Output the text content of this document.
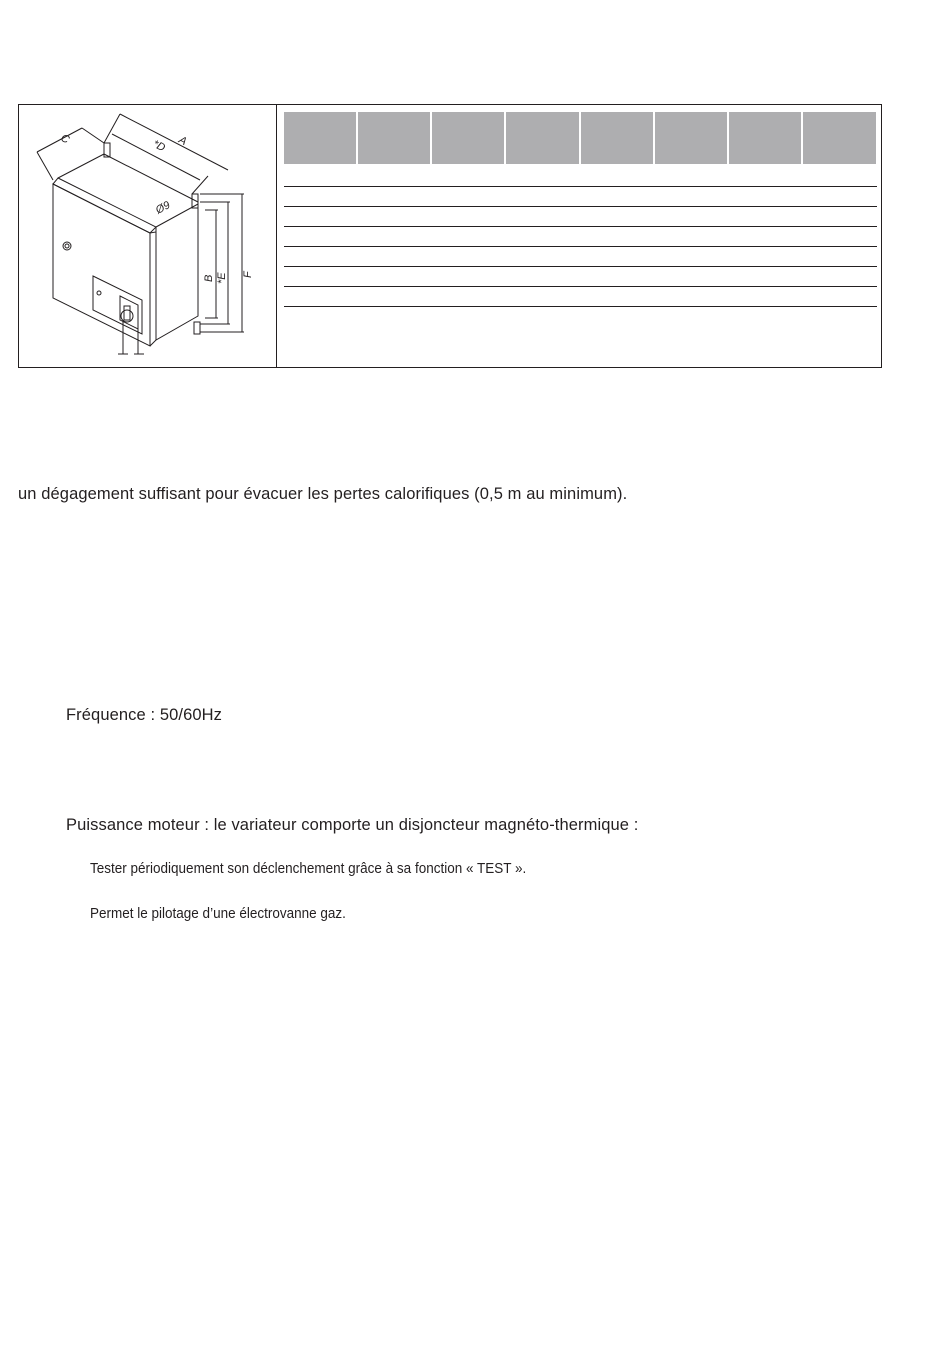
C	*D A
Ø9
B *E F
un dégagement suffisant pour évacuer les pertes calorifiques (0,5 m au minimum).
Fréquence : 50/60Hz
Puissance moteur : le variateur comporte un disjoncteur magnéto-thermique :
Tester périodiquement son déclenchement grâce à sa fonction « TEST ».
Permet le pilotage d’une électrovanne gaz.
